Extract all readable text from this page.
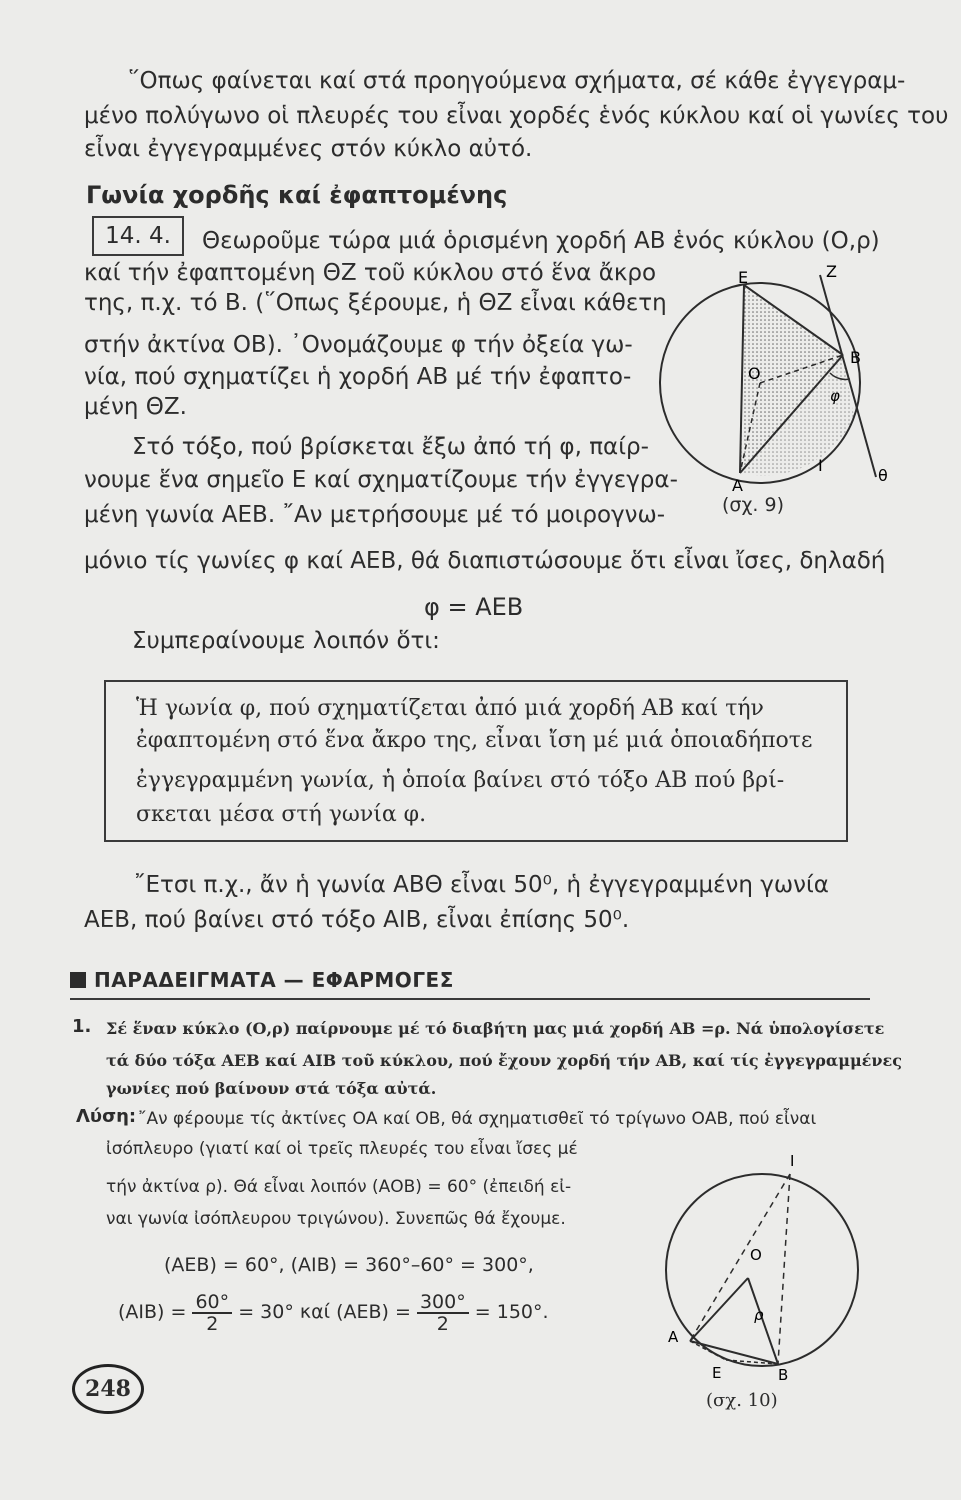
῞Οπως φαίνεται καί στά προηγούμενα σχήματα, σέ κάθε ἐγγεγραμ-
μένο πολύγωνο οἱ πλευρές του εἶναι χορδές ἑνός κύκλου καί οἱ γωνίες του
εἶναι ἐγγεγραμμένες στόν κύκλο αὐτό.
Γωνία χορδῆς καί ἐφαπτομένης
14. 4.	Θεωροῦμε τώρα μιά ὁρισμένη χορδή ΑΒ ἑνός κύκλου (Ο,ρ)
καί τήν ἐφαπτομένη ΘΖ τοῦ κύκλου στό ἕνα ἄκρο
της, π.χ. τό Β. (῞Οπως ξέρουμε, ἡ ΘΖ εἶναι κάθετη
στήν ἀκτίνα ΟΒ). ᾽Ονομάζουμε φ τήν ὀξεία γω-
νία, πού σχηματίζει ἡ χορδή ΑΒ μέ τήν ἐφαπτο-
μένη ΘΖ.
Στό τόξο, πού βρίσκεται ἔξω ἀπό τή φ, παίρ-
νουμε ἕνα σημεῖο Ε καί σχηματίζουμε τήν ἐγγεγρα-
μένη γωνία ΑΕΒ. ῎Αν μετρήσουμε μέ τό μοιρογνω-
μόνιο τίς γωνίες φ καί ΑΕΒ, θά διαπιστώσουμε ὅτι εἶναι ἴσες, δηλαδή
φ = ΑΕΒ
Συμπεραίνουμε λοιπόν ὅτι:
Ε	Ζ
Β
Ο
φ
Α
Ι
θ
(σχ. 9)
Ἡ γωνία φ, πού σχηματίζεται ἀπό μιά χορδή ΑΒ καί τήν
ἐφαπτομένη στό ἕνα ἄκρο της, εἶναι ἴση μέ μιά ὁποιαδήποτε
ἐγγεγραμμένη γωνία, ἡ ὁποία βαίνει στό τόξο ΑΒ πού βρί-
σκεται μέσα στή γωνία φ.
῎Ετσι π.χ., ἄν ἡ γωνία ΑΒΘ εἶναι 50⁰, ἡ ἐγγεγραμμένη γωνία
ΑΕΒ, πού βαίνει στό τόξο ΑΙΒ, εἶναι ἐπίσης 50⁰.
ΠΑΡΑΔΕΙΓΜΑΤΑ — ΕΦΑΡΜΟΓΕΣ
1. Σέ ἕναν κύκλο (Ο,ρ) παίρνουμε μέ τό διαβήτη μας μιά χορδή ΑΒ =ρ. Νά ὑπολογίσετε
τά δύο τόξα ΑΕΒ καί ΑΙΒ τοῦ κύκλου, πού ἔχουν χορδή τήν ΑΒ, καί τίς ἐγγεγραμμένες
γωνίες πού βαίνουν στά τόξα αὐτά.
Λύση: ῎Αν φέρουμε τίς ἀκτίνες ΟΑ καί ΟΒ, θά σχηματισθεῖ τό τρίγωνο ΟΑΒ, πού εἶναι
ἰσόπλευρο (γιατί καί οἱ τρεῖς πλευρές του εἶναι ἴσες μέ
τήν ἀκτίνα ρ). Θά εἶναι λοιπόν (ΑΟΒ) = 60° (ἐπειδή εἰ-
ναι γωνία ἰσόπλευρου τριγώνου). Συνεπῶς θά ἔχουμε.
(ΑΕΒ) = 60°, (ΑΙΒ) = 360°–60° = 300°,
$(AIB) = \frac{60^\circ}{2} = 30^\circ$ καί $(AEB) = \frac{300^\circ}{2} = 150^\circ$.
Ι
Ο
ρ
Α
Ε	Β
(σχ. 10)
248
